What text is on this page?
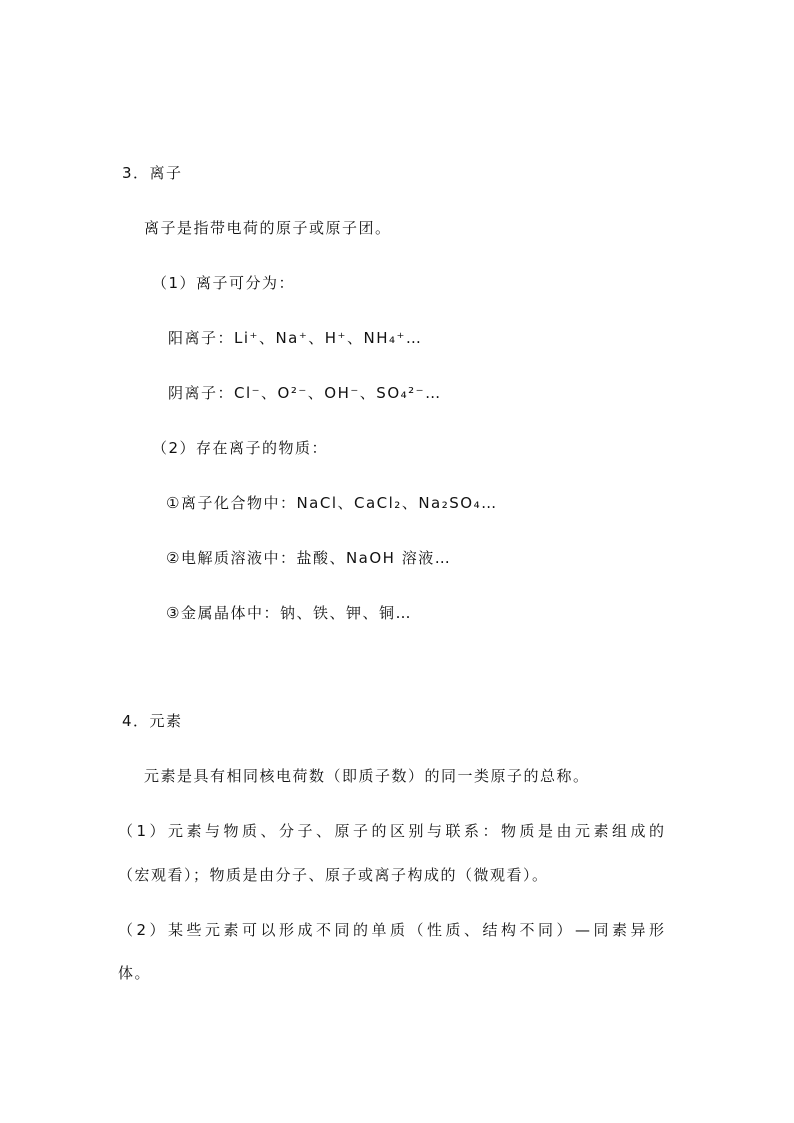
3．离子
离子是指带电荷的原子或原子团。
（1）离子可分为：
阳离子：Li⁺、Na⁺、H⁺、NH₄⁺…
阴离子：Cl⁻、O²⁻、OH⁻、SO₄²⁻…
（2）存在离子的物质：
①离子化合物中：NaCl、CaCl₂、Na₂SO₄…
②电解质溶液中：盐酸、NaOH 溶液…
③金属晶体中：钠、铁、钾、铜…
4．元素
元素是具有相同核电荷数（即质子数）的同一类原子的总称。
（1）元素与物质、分子、原子的区别与联系：物质是由元素组成的
（宏观看）；物质是由分子、原子或离子构成的（微观看）。
（2）某些元素可以形成不同的单质（性质、结构不同）—同素异形
体。
